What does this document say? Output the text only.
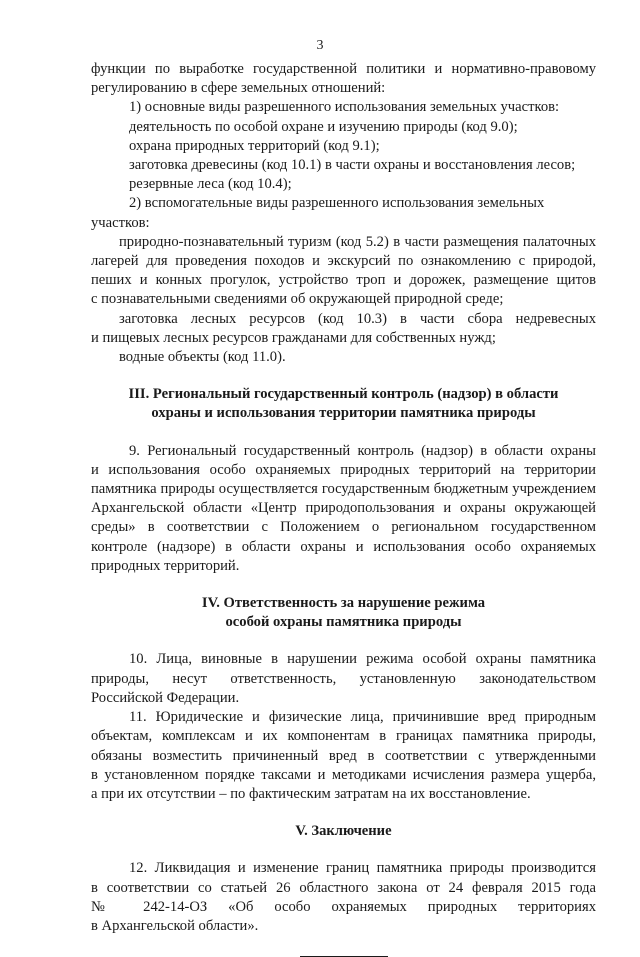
3

функции по выработке государственной политики и нормативно-правовому

регулированию в сфере земельных отношений:

1) основные виды разрешенного использования земельных участков:

деятельность по особой охране и изучению природы (код 9.0);

охрана природных территорий (код 9.1);

заготовка древесины (код 10.1) в части охраны и восстановления лесов;

резервные леса (код 10.4);

2) вспомогательные виды разрешенного использования земельных участков:

природно-познавательный туризм (код 5.2) в части размещения палаточных

лагерей для проведения походов и экскурсий по ознакомлению с природой,

пеших и конных прогулок, устройство троп и дорожек, размещение щитов

с познавательными сведениями об окружающей природной среде;

заготовка лесных ресурсов (код 10.3) в части сбора недревесных

и пищевых лесных ресурсов гражданами для собственных нужд;

водные объекты (код 11.0).

III. Региональный государственный контроль (надзор) в области

охраны и использования территории памятника природы

9. Региональный государственный контроль (надзор) в области охраны

и использования особо охраняемых природных территорий на территории

памятника природы осуществляется государственным бюджетным учреждением

Архангельской области «Центр природопользования и охраны окружающей

среды» в соответствии с Положением о региональном государственном

контроле (надзоре) в области охраны и использования особо охраняемых

природных территорий.

IV. Ответственность за нарушение режима

особой охраны памятника природы

10. Лица, виновные в нарушении режима особой охраны памятника

природы, несут ответственность, установленную законодательством

Российской Федерации.

11. Юридические и физические лица, причинившие вред природным

объектам, комплексам и их компонентам в границах памятника природы,

обязаны возместить причиненный вред в соответствии с утвержденными

в установленном порядке таксами и методиками исчисления размера ущерба,

а при их отсутствии – по фактическим затратам на их восстановление.

V. Заключение

12. Ликвидация и изменение границ памятника природы производится

в соответствии со статьей 26 областного закона от 24 февраля 2015 года

№ 242-14-ОЗ «Об особо охраняемых природных территориях

в Архангельской области».
